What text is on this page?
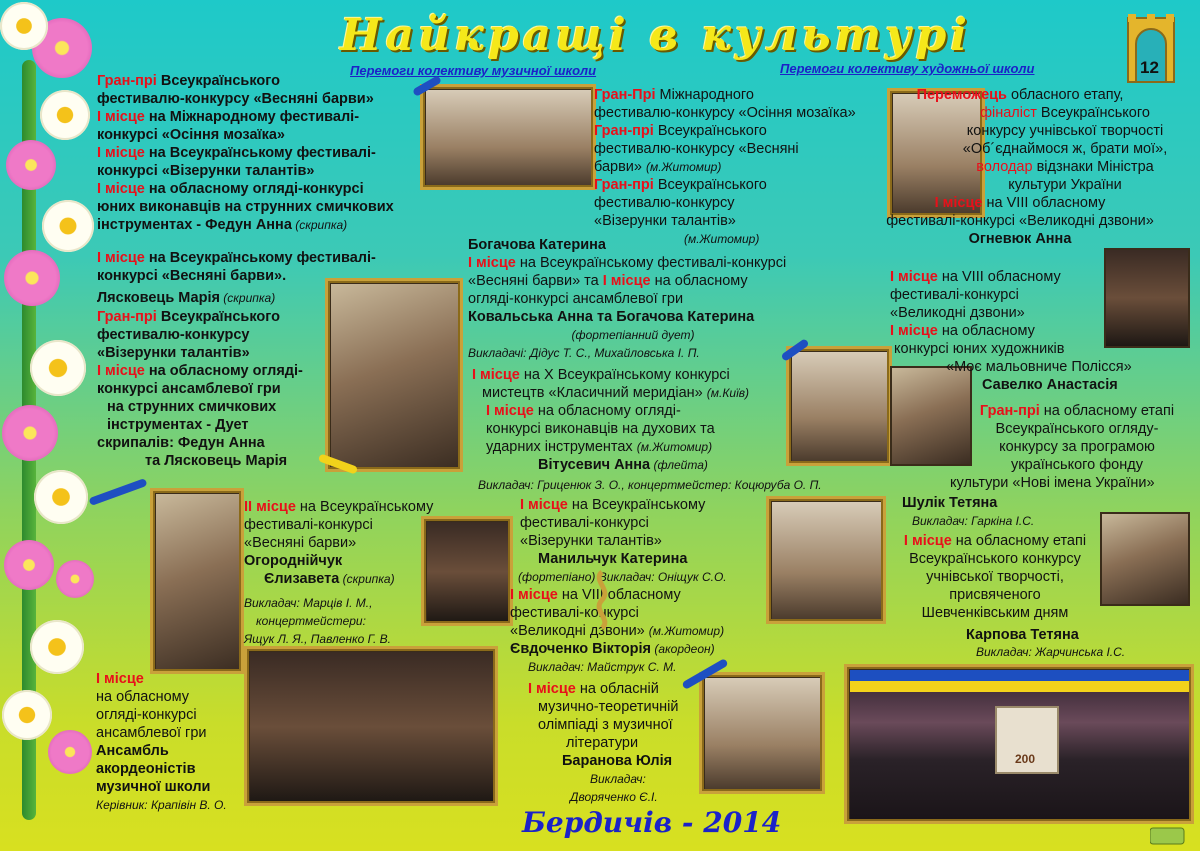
Найкращі в культурі
Перемоги колективу музичної школи	Перемоги колективу художньої школи	12
Гран-прі Всеукраїнського
фестивалю-конкурсу «Весняні барви»
І місце на Міжнародному фестивалі-
конкурсі «Осіння мозаїка»
І місце на Всеукраїнському фестивалі-
конкурсі «Візерунки талантів»
І місце на обласному огляді-конкурсі
юних виконавців на струнних смичкових
інструментах - Федун Анна (скрипка)
І місце на Всеукраїнському фестивалі-
конкурсі «Весняні барви».
Лясковець Марія (скрипка)
Гран-прі Всеукраїнського
фестивалю-конкурсу
«Візерунки талантів»
І місце на обласному огляді-
конкурсі ансамблевої гри
на струнних смичкових
інструментах - Дует
скрипалів: Федун Анна
та Лясковець Марія
І місце
на обласному
огляді-конкурсі
ансамблевої гри
Ансамбль
акордеоністів
музичної школи
Керівник: Крапівін В. О.
200
Гран-Прі Міжнародного
фестивалю-конкурсу «Осіння мозаїка»
Гран-прі Всеукраїнського
фестивалю-конкурсу «Весняні
барви» (м.Житомир)
Гран-прі Всеукраїнського
фестивалю-конкурсу
«Візерунки талантів»
(м.Житомир)
Богачова Катерина
І місце на Всеукраїнському фестивалі-конкурсі
«Весняні барви» та І місце на обласному
огляді-конкурсі ансамблевої гри
Ковальська Анна та Богачова Катерина
(фортепіанний дует)
Викладачі: Дідус Т. С., Михайловська І. П.
І місце на Х Всеукраїнському конкурсі
мистецтв «Класичний меридіан» (м.Київ)
І місце на обласному огляді-
конкурсі виконавців на духових та
ударних інструментах (м.Житомир)
Вітусевич Анна (флейта)
Викладач: Гриценюк З. О., концертмейстер: Коцюруба О. П.
ІІ місце на Всеукраїнському
фестивалі-конкурсі
«Весняні барви»
Огороднійчук
Єлизавета (скрипка)
Викладач: Марців І. М.,
концертмейстери:
Ящук Л. Я., Павленко Г. В.
І місце на Всеукраїнському
фестивалі-конкурсі
«Візерунки талантів»
Манильчук Катерина
(фортепіано) Викладач: Оніщук С.О.
І місце на VIII обласному
фестивалі-конкурсі
«Великодні дзвони» (м.Житомир)
Євдоченко Вікторія (акордеон)
Викладач: Майструк С. М.
І місце на обласній
музично-теоретичній
олімпіаді з музичної
літератури
Баранова Юлія
Викладач:
Дворяченко Є.І.
Переможець обласного етапу,
фіналіст Всеукраїнського
конкурсу учнівської творчості
«Об´єднаймося ж, брати мої»,
володар відзнаки Міністра
культури України
І місце на VIII обласному
фестивалі-конкурсі «Великодні дзвони»
Огневюк Анна
І місце на VIII обласному
фестивалі-конкурсі
«Великодні дзвони»
І місце на обласному
конкурсі юних художників
«Моє мальовниче Полісся»
Савелко Анастасія
Гран-прі на обласному етапі
Всеукраїнського огляду-
конкурсу за програмою
українського фонду
культури «Нові імена України»
Шулік Тетяна
Викладач: Гаркіна І.С.
І місце на обласному етапі
Всеукраїнського конкурсу
учнівської творчості,
присвяченого
Шевченківським дням
Карпова Тетяна
Викладач: Жарчинська І.С.
Бердичів - 2014
